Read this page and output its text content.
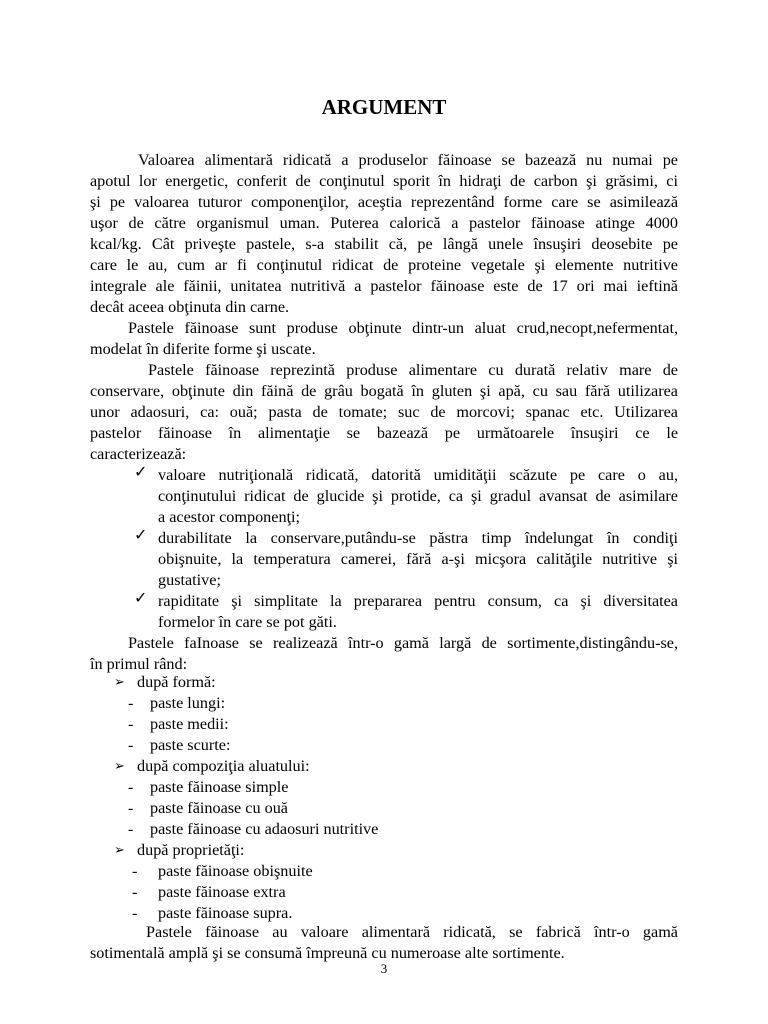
ARGUMENT
Valoarea alimentară ridicată a produselor făinoase se bazează nu numai pe
apotul lor energetic, conferit de conţinutul sporit în hidraţi de carbon şi grăsimi, ci
şi pe valoarea tuturor componenţilor, aceştia reprezentând forme care se asimilează
uşor de către organismul uman. Puterea calorică a pastelor făinoase atinge 4000
kcal/kg. Cât priveşte pastele, s-a stabilit că, pe lângă unele însuşiri deosebite pe
care le au, cum ar fi conţinutul ridicat de proteine vegetale şi elemente nutritive
integrale ale făinii, unitatea nutritivă a pastelor făinoase este de 17 ori mai ieftină
decât aceea obţinuta din carne.
Pastele făinoase sunt produse obţinute dintr-un aluat crud,necopt,nefermentat,
modelat în diferite forme şi uscate.
Pastele făinoase reprezintă produse alimentare cu durată relativ mare de
conservare, obţinute din făină de grâu bogată în gluten şi apă, cu sau fără utilizarea
unor adaosuri, ca: ouă; pasta de tomate; suc de morcovi; spanac etc. Utilizarea
pastelor făinoase în alimentaţie se bazează pe următoarele însuşiri ce le
caracterizează:
✓ valoare nutriţională ridicată, datorită umidităţii scăzute pe care o au,
conţinutului ridicat de glucide şi protide, ca şi gradul avansat de asimilare
a acestor componenţi;
✓ durabilitate la conservare,putându-se păstra timp îndelungat în condiţi
obişnuite, la temperatura camerei, fără a-şi micşora calităţile nutritive şi
gustative;
✓ rapiditate şi simplitate la prepararea pentru consum, ca şi diversitatea
formelor în care se pot găti.
Pastele faInoase se realizează într-o gamă largă de sortimente,distingându-se,
în primul rând:
➢ după formă:
- paste lungi:
- paste medii:
- paste scurte:
➢ după compoziţia aluatului:
- paste făinoase simple
- paste făinoase cu ouă
- paste făinoase cu adaosuri nutritive
➢ după proprietăţi:
- paste făinoase obişnuite
- paste făinoase extra
- paste făinoase supra.
Pastele făinoase au valoare alimentară ridicată, se fabrică într-o gamă
sotimentală amplă şi se consumă împreună cu numeroase alte sortimente.
3
